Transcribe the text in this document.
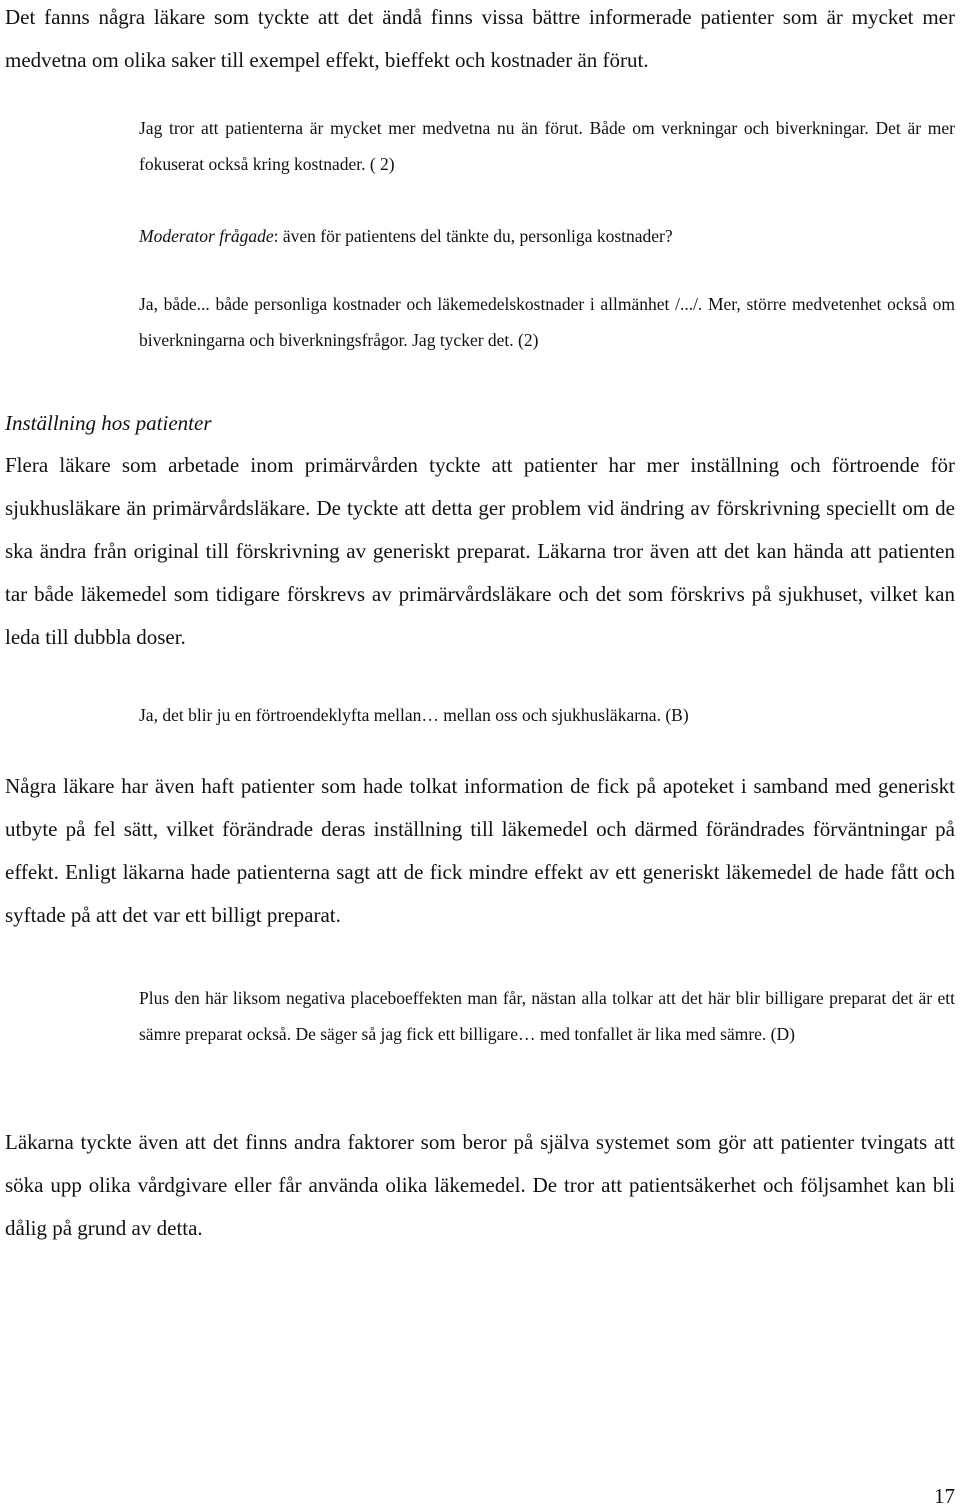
Det fanns några läkare som tyckte att det ändå finns vissa bättre informerade patienter som är mycket mer medvetna om olika saker till exempel effekt, bieffekt och kostnader än förut.

Jag tror att patienterna är mycket mer medvetna nu än förut. Både om verkningar och biverkningar. Det är mer fokuserat också kring kostnader. ( 2)

Moderator frågade: även för patientens del tänkte du, personliga kostnader?

Ja, både... både personliga kostnader och läkemedelskostnader i allmänhet /.../. Mer, större medvetenhet också om biverkningarna och biverkningsfrågor. Jag tycker det. (2)

Inställning hos patienter

Flera läkare som arbetade inom primärvården tyckte att patienter har mer inställning och förtroende för sjukhusläkare än primärvårdsläkare. De tyckte att detta ger problem vid ändring av förskrivning speciellt om de ska ändra från original till förskrivning av generiskt preparat. Läkarna tror även att det kan hända att patienten tar både läkemedel som tidigare förskrevs av primärvårdsläkare och det som förskrivs på sjukhuset, vilket kan leda till dubbla doser.

Ja, det blir ju en förtroendeklyfta mellan… mellan oss och sjukhusläkarna. (B)

Några läkare har även haft patienter som hade tolkat information de fick på apoteket i samband med generiskt utbyte på fel sätt, vilket förändrade deras inställning till läkemedel och därmed förändrades förväntningar på effekt. Enligt läkarna hade patienterna sagt att de fick mindre effekt av ett generiskt läkemedel de hade fått och syftade på att det var ett billigt preparat.

Plus den här liksom negativa placeboeffekten man får, nästan alla tolkar att det här blir billigare preparat det är ett sämre preparat också. De säger så jag fick ett billigare… med tonfallet är lika med sämre. (D)

Läkarna tyckte även att det finns andra faktorer som beror på själva systemet som gör att patienter tvingats att söka upp olika vårdgivare eller får använda olika läkemedel. De tror att patientsäkerhet och följsamhet kan bli dålig på grund av detta.

17
